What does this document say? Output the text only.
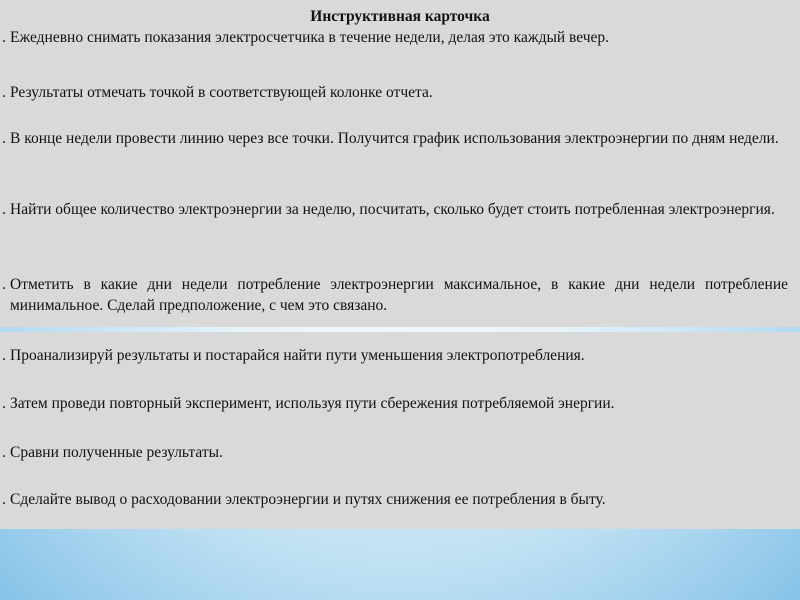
Инструктивная карточка
. Ежедневно снимать показания электросчетчика в течение недели, делая это каждый вечер.
. Результаты отмечать точкой в соответствующей колонке отчета.
. В конце недели провести линию через все точки. Получится график использования электроэнергии по дням недели.
. Найти общее количество электроэнергии за неделю, посчитать, сколько будет стоить потребленная электроэнергия.
. Отметить в какие дни недели потребление электроэнергии максимальное, в какие дни недели потребление минимальное. Сделай предположение, с чем это связано.
. Проанализируй результаты и постарайся найти пути уменьшения электропотребления.
. Затем проведи повторный эксперимент, используя пути сбережения потребляемой энергии.
. Сравни полученные результаты.
. Сделайте вывод о расходовании электроэнергии и путях снижения ее потребления в быту.
